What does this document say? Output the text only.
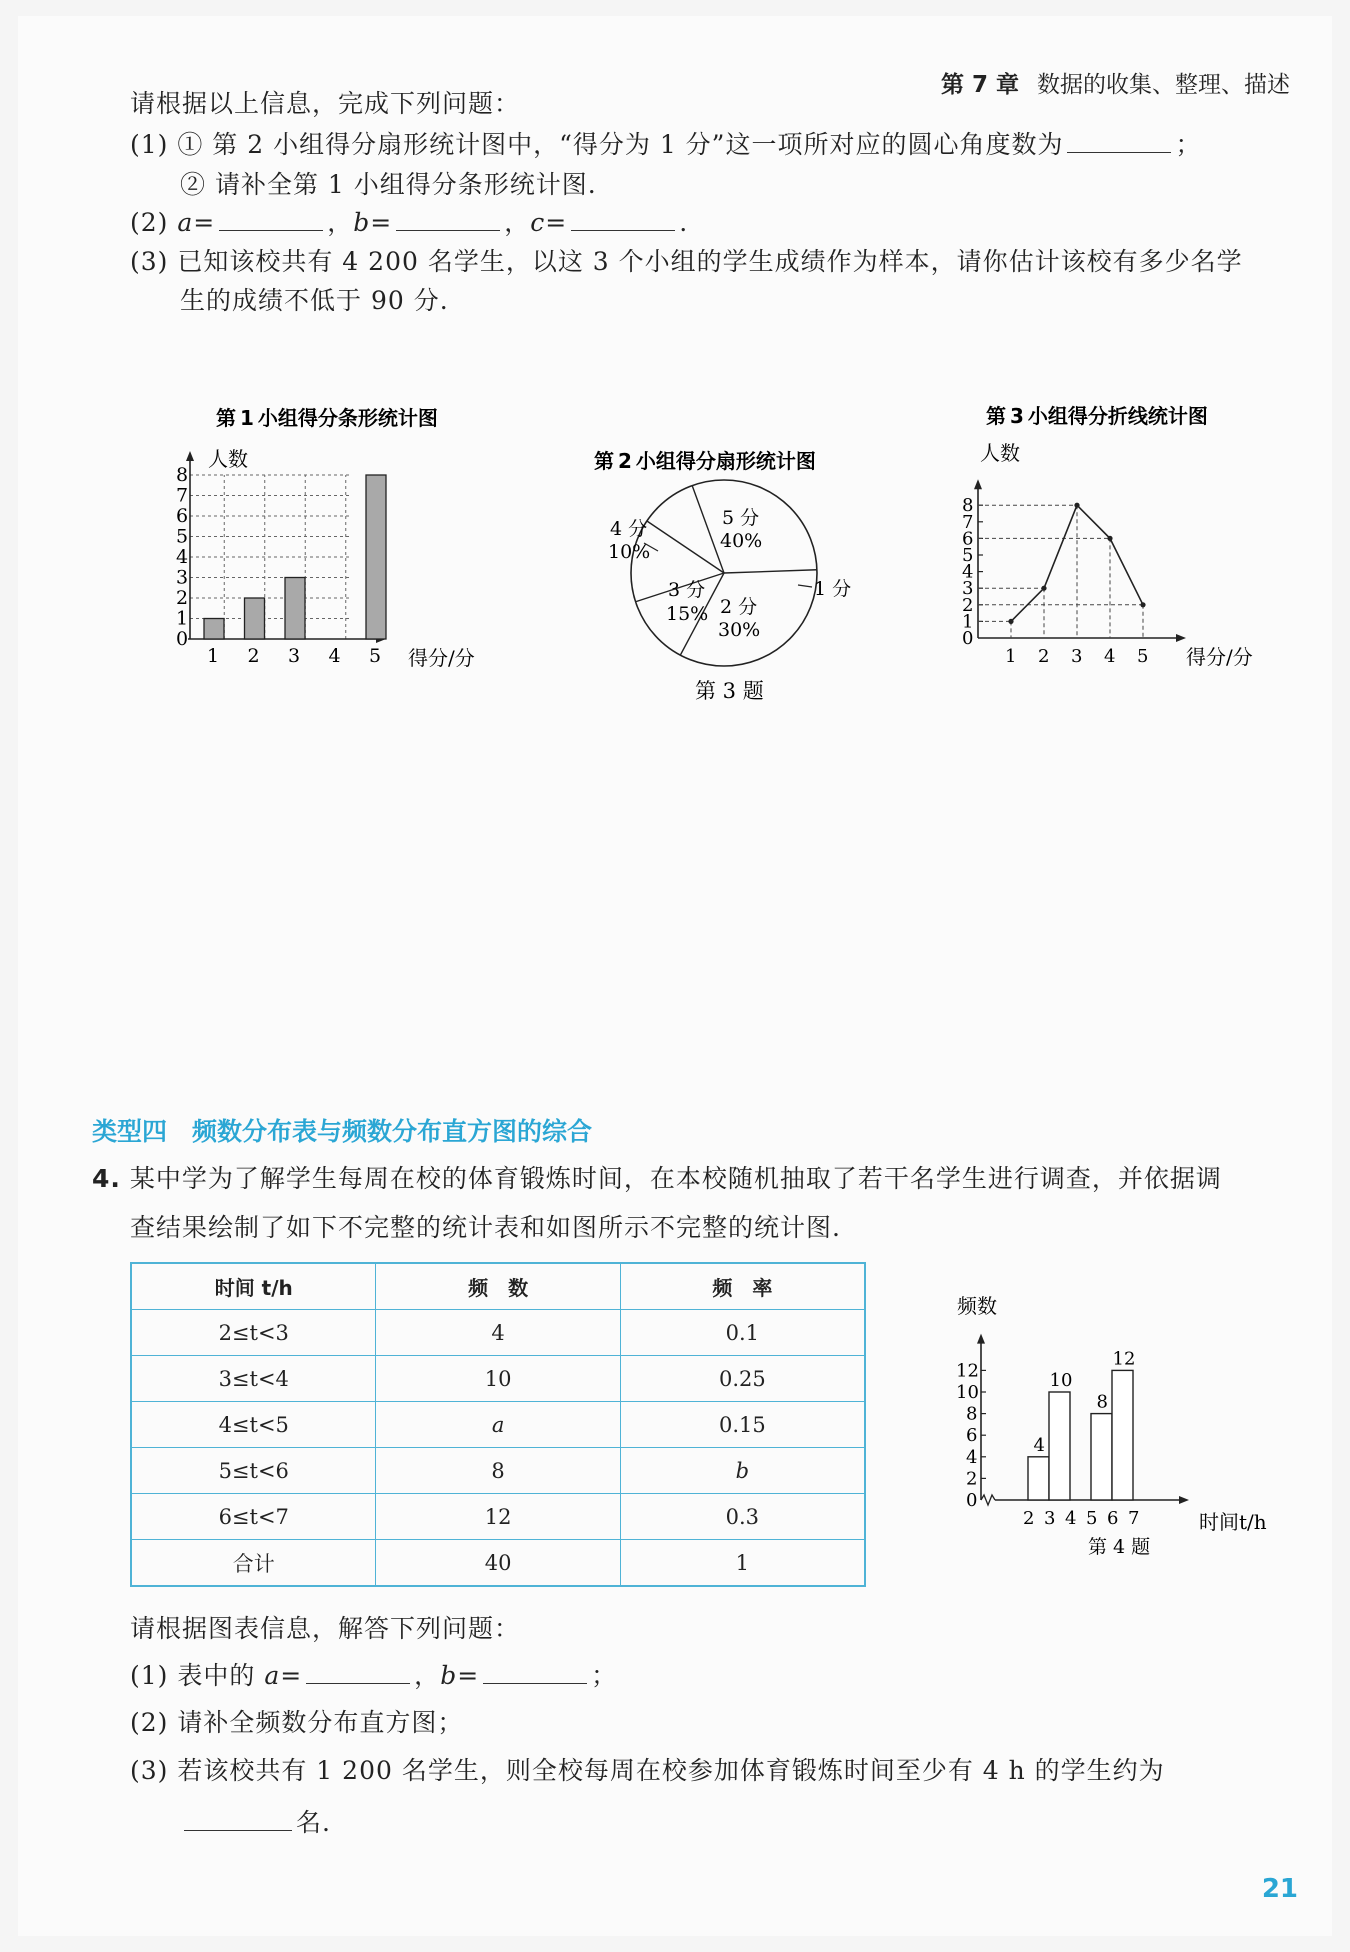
第 7 章 数据的收集、整理、描述
请根据以上信息，完成下列问题：
(1) ① 第 2 小组得分扇形统计图中，“得分为 1 分”这一项所对应的圆心角度数为	；
② 请补全第 1 小组得分条形统计图.
(2) a=	，b=	，c=	.
(3) 已知该校共有 4 200 名学生，以这 3 个小组的学生成绩作为样本，请你估计该校有多少名学
生的成绩不低于 90 分.
第 1 小组得分条形统计图
0
1
2
3
4
5
6
7
8
1 2 3 4 5
人数
得分/分
第 2 小组得分扇形统计图
5 分
40%
4 分
10%
3 分
15% 2 分
30%
1 分
第 3 题
第 3 小组得分折线统计图
0
1
2
3
4
5
6
7
8
1 2 3 4 5
人数
得分/分
类型四　频数分布表与频数分布直方图的综合
4. 某中学为了解学生每周在校的体育锻炼时间，在本校随机抽取了若干名学生进行调查，并依据调
查结果绘制了如下不完整的统计表和如图所示不完整的统计图.
时间 t/h	频　数	频　率
2≤t<3	4	0.1
3≤t<4	10	0.25
4≤t<5	a	0.15
5≤t<6	8	b
6≤t<7	12	0.3
合计	40	1
0
2
4
6
8
10
12
2 3 4 5 6 7
4
10
8
12
频数
时间t/h
第 4 题
请根据图表信息，解答下列问题：
(1) 表中的 a=	，b=	；
(2) 请补全频数分布直方图；
(3) 若该校共有 1 200 名学生，则全校每周在校参加体育锻炼时间至少有 4 h 的学生约为
名.
21
